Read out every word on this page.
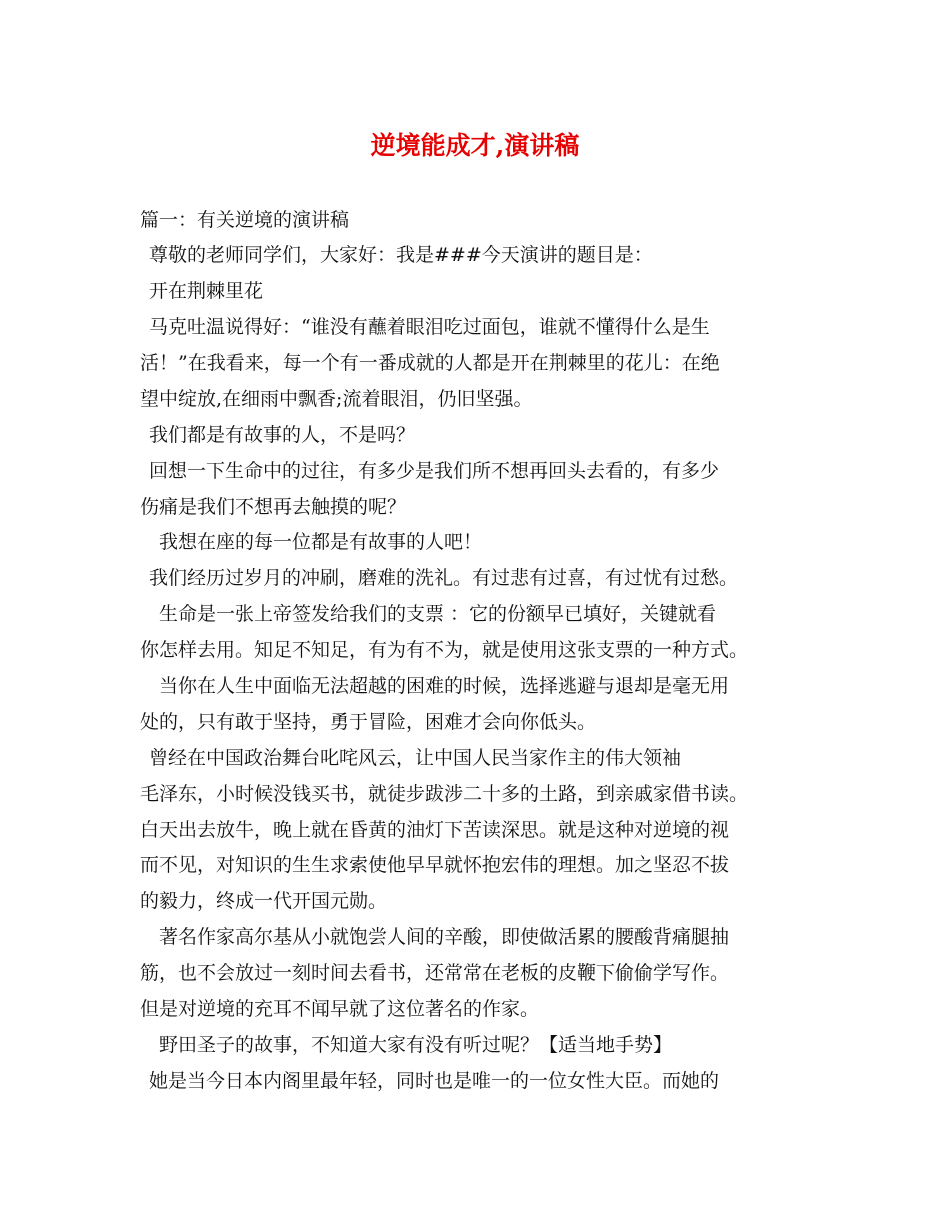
逆境能成才,演讲稿
篇一：有关逆境的演讲稿
尊敬的老师同学们，大家好：我是###今天演讲的题目是：
开在荆棘里花
马克吐温说得好：“谁没有蘸着眼泪吃过面包，谁就不懂得什么是生
活！”在我看来，每一个有一番成就的人都是开在荆棘里的花儿：在绝
望中绽放,在细雨中飘香;流着眼泪，仍旧坚强。
我们都是有故事的人，不是吗？
回想一下生命中的过往，有多少是我们所不想再回头去看的，有多少
伤痛是我们不想再去触摸的呢？
我想在座的每一位都是有故事的人吧！
我们经历过岁月的冲刷，磨难的洗礼。有过悲有过喜，有过忧有过愁。
生命是一张上帝签发给我们的支票 ：它的份额早已填好，关键就看
你怎样去用。知足不知足，有为有不为，就是使用这张支票的一种方式。
当你在人生中面临无法超越的困难的时候，选择逃避与退却是毫无用
处的，只有敢于坚持，勇于冒险，困难才会向你低头。
曾经在中国政治舞台叱咤风云，让中国人民当家作主的伟大领袖
毛泽东，小时候没钱买书，就徒步跋涉二十多的土路，到亲戚家借书读。
白天出去放牛，晚上就在昏黄的油灯下苦读深思。就是这种对逆境的视
而不见，对知识的生生求索使他早早就怀抱宏伟的理想。加之坚忍不拔
的毅力，终成一代开国元勋。
著名作家高尔基从小就饱尝人间的辛酸，即使做活累的腰酸背痛腿抽
筋，也不会放过一刻时间去看书，还常常在老板的皮鞭下偷偷学写作。
但是对逆境的充耳不闻早就了这位著名的作家。
野田圣子的故事，不知道大家有没有听过呢？【适当地手势】
她是当今日本内阁里最年轻，同时也是唯一的一位女性大臣。而她的
